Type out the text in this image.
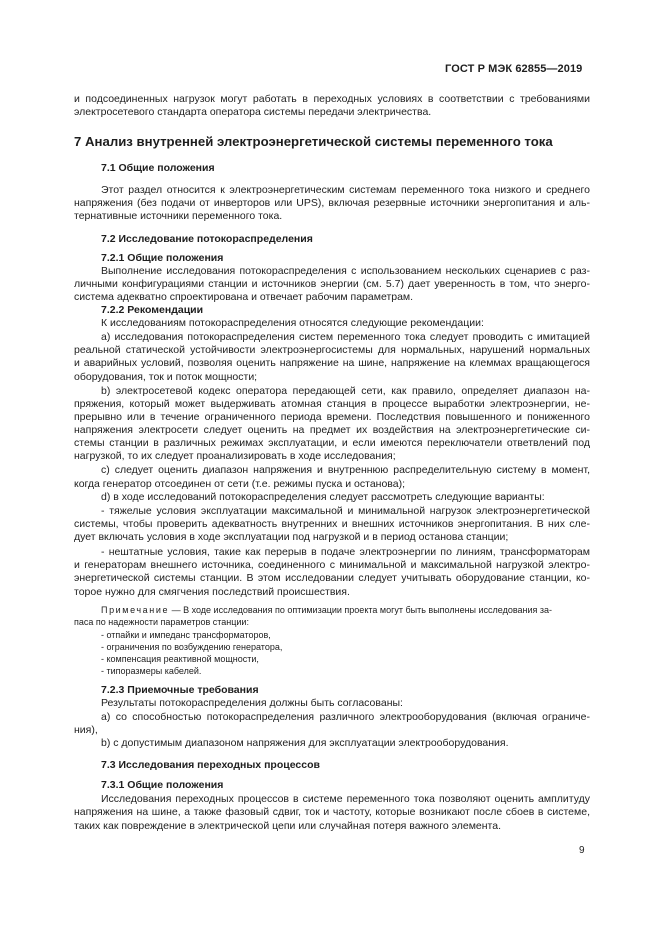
ГОСТ Р МЭК 62855—2019
и подсоединенных нагрузок могут работать в переходных условиях в соответствии с требованиями
электросетевого стандарта оператора системы передачи электричества.
7 Анализ внутренней электроэнергетической системы переменного тока
7.1 Общие положения
Этот раздел относится к электроэнергетическим системам переменного тока низкого и среднего
напряжения (без подачи от инверторов или UPS), включая резервные источники энергопитания и аль-
тернативные источники переменного тока.
7.2 Исследование потокораспределения
7.2.1 Общие положения
Выполнение исследования потокораспределения с использованием нескольких сценариев с раз-
личными конфигурациями станции и источников энергии (см. 5.7) дает уверенность в том, что энерго-
система адекватно спроектирована и отвечает рабочим параметрам.
7.2.2 Рекомендации
К исследованиям потокораспределения относятся следующие рекомендации:
а) исследования потокораспределения систем переменного тока следует проводить с имитацией
реальной статической устойчивости электроэнергосистемы для нормальных, нарушений нормальных
и аварийных условий, позволяя оценить напряжение на шине, напряжение на клеммах вращающегося
оборудования, ток и поток мощности;
b) электросетевой кодекс оператора передающей сети, как правило, определяет диапазон на-
пряжения, который может выдерживать атомная станция в процессе выработки электроэнергии, не-
прерывно или в течение ограниченного периода времени. Последствия повышенного и пониженного
напряжения электросети следует оценить на предмет их воздействия на электроэнергетические си-
стемы станции в различных режимах эксплуатации, и если имеются переключатели ответвлений под
нагрузкой, то их следует проанализировать в ходе исследования;
с) следует оценить диапазон напряжения и внутреннюю распределительную систему в момент,
когда генератор отсоединен от сети (т.е. режимы пуска и останова);
d) в ходе исследований потокораспределения следует рассмотреть следующие варианты:
- тяжелые условия эксплуатации максимальной и минимальной нагрузок электроэнергетической
системы, чтобы проверить адекватность внутренних и внешних источников энергопитания. В них сле-
дует включать условия в ходе эксплуатации под нагрузкой и в период останова станции;
- нештатные условия, такие как перерыв в подаче электроэнергии по линиям, трансформаторам
и генераторам внешнего источника, соединенного с минимальной и максимальной нагрузкой электро-
энергетической системы станции. В этом исследовании следует учитывать оборудование станции, ко-
торое нужно для смягчения последствий происшествия.
Примечание — В ходе исследования по оптимизации проекта могут быть выполнены исследования за-
паса по надежности параметров станции:
- отпайки и импеданс трансформаторов,
- ограничения по возбуждению генератора,
- компенсация реактивной мощности,
- типоразмеры кабелей.
7.2.3 Приемочные требования
Результаты потокораспределения должны быть согласованы:
а) со способностью потокораспределения различного электрооборудования (включая ограниче-
ния),
b) с допустимым диапазоном напряжения для эксплуатации электрооборудования.
7.3 Исследования переходных процессов
7.3.1 Общие положения
Исследования переходных процессов в системе переменного тока позволяют оценить амплитуду
напряжения на шине, а также фазовый сдвиг, ток и частоту, которые возникают после сбоев в системе,
таких как повреждение в электрической цепи или случайная потеря важного элемента.
9
